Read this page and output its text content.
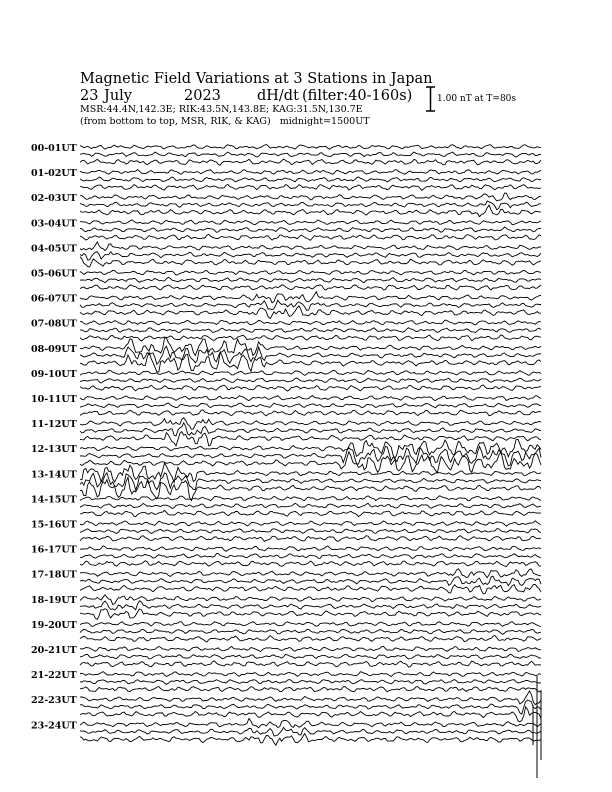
Magnetic Field Variations at 3 Stations in Japan
23 July	2023 dH/dt (filter:40-160s)
MSR:44.4N,142.3E; RIK:43.5N,143.8E; KAG:31.5N,130.7E
(from bottom to top, MSR, RIK, & KAG) midnight=1500UT
1.00 nT at T=80s
00-01UT
01-02UT
02-03UT
03-04UT
04-05UT
05-06UT
06-07UT
07-08UT
08-09UT
09-10UT
10-11UT
11-12UT
12-13UT
13-14UT
14-15UT
15-16UT
16-17UT
17-18UT
18-19UT
19-20UT
20-21UT
21-22UT
22-23UT
23-24UT
